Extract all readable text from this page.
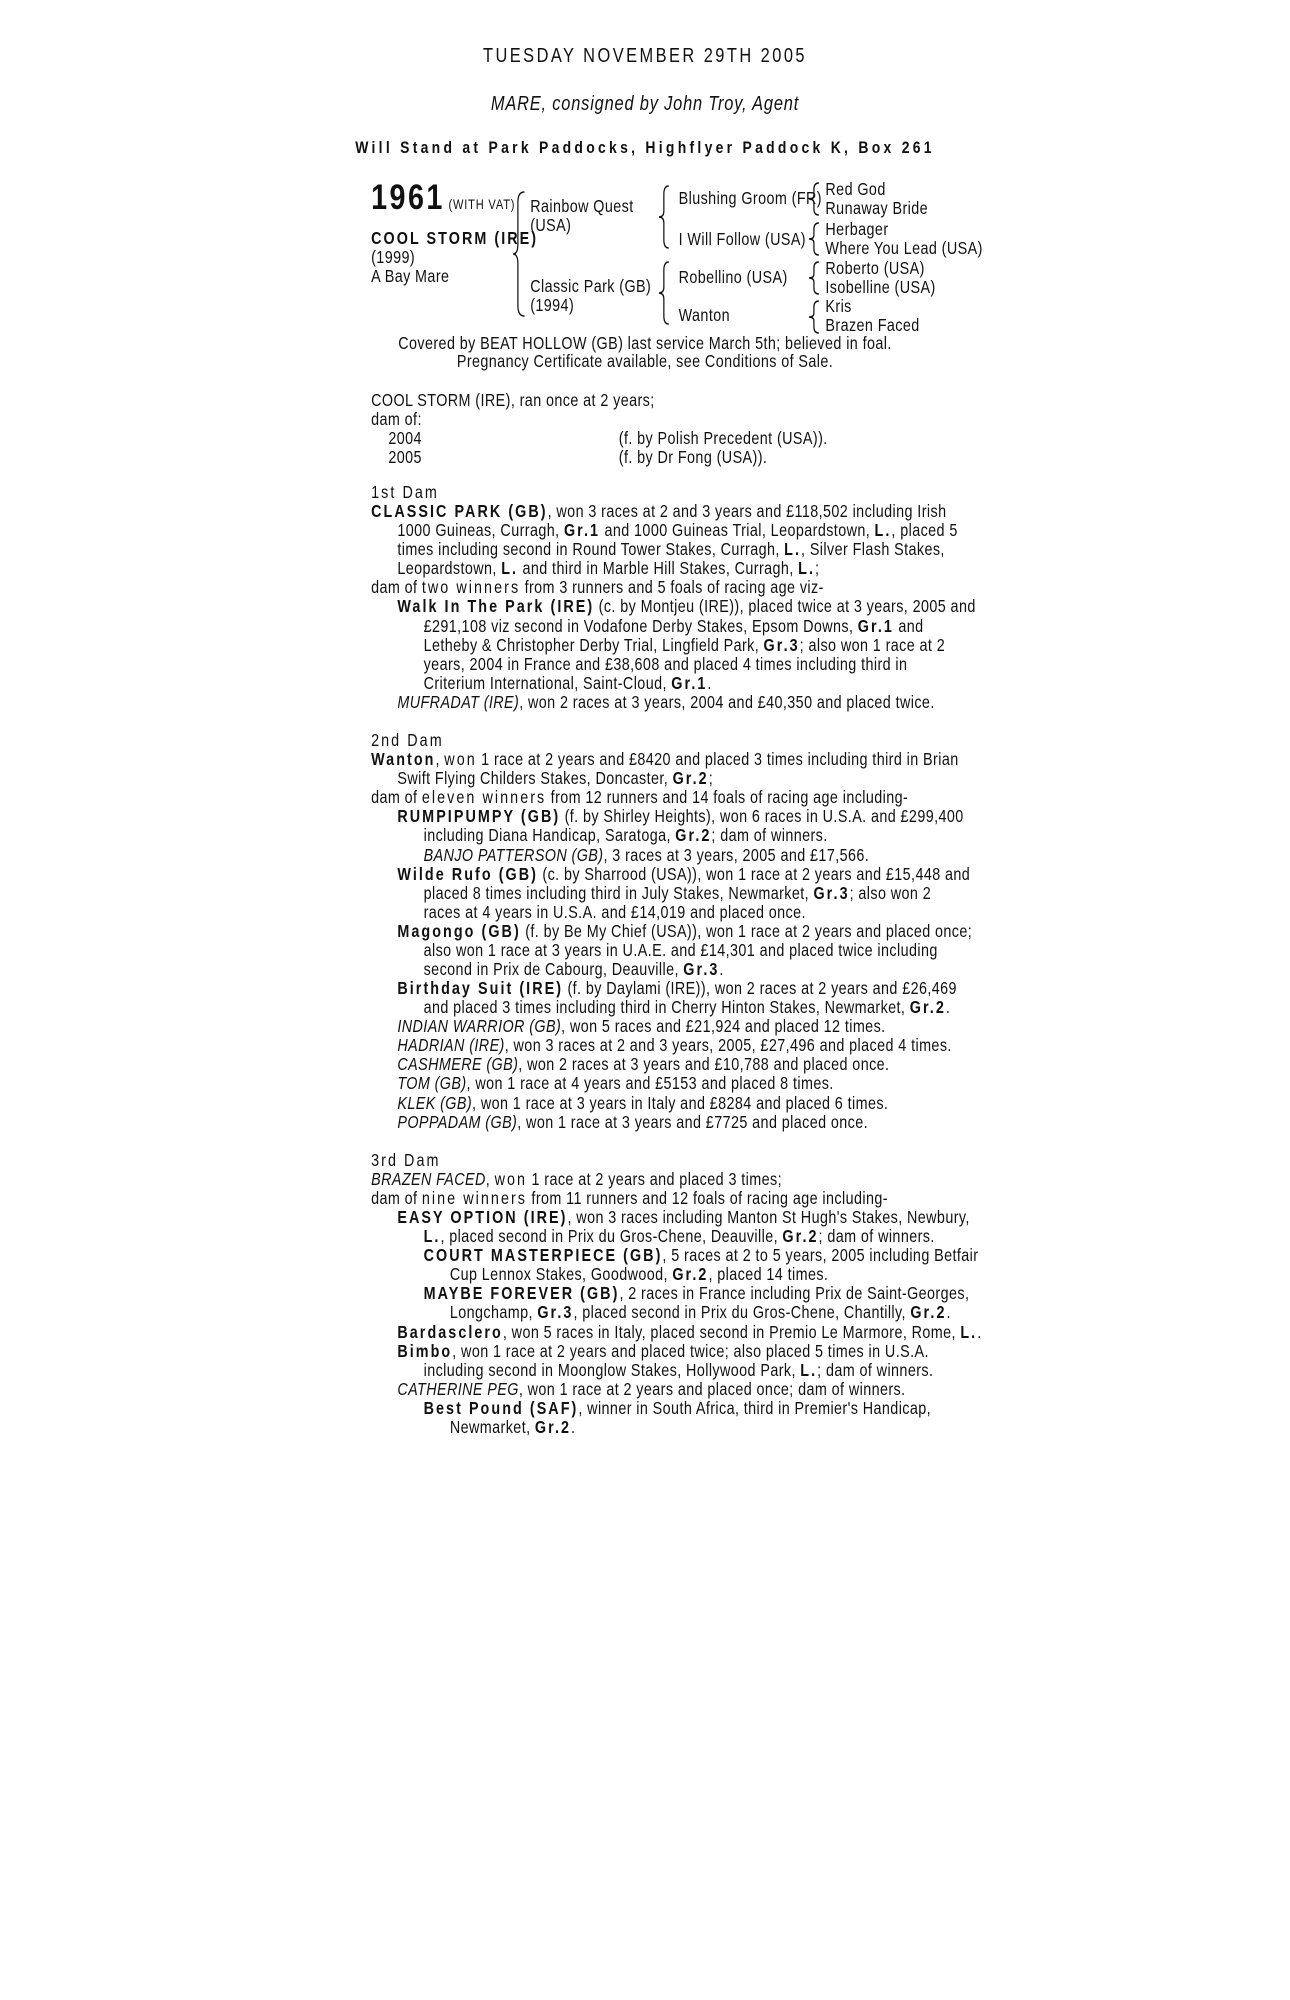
TUESDAY NOVEMBER 29TH 2005
MARE, consigned by John Troy, Agent
Will Stand at Park Paddocks, Highflyer Paddock K, Box 261
1961 (WITH VAT)
COOL STORM (IRE)
(1999)
A Bay Mare
Rainbow Quest
(USA)
Classic Park (GB)
(1994)
Blushing Groom (FR)
I Will Follow (USA)
Robellino (USA)
Wanton
Red God
Runaway Bride
Herbager
Where You Lead (USA)
Roberto (USA)
Isobelline (USA)
Kris
Brazen Faced
Covered by BEAT HOLLOW (GB) last service March 5th; believed in foal.
Pregnancy Certificate available, see Conditions of Sale.
COOL STORM (IRE), ran once at 2 years;
dam of:
2004	(f. by Polish Precedent (USA)).
2005	(f. by Dr Fong (USA)).
1st Dam
CLASSIC PARK (GB), won 3 races at 2 and 3 years and £118,502 including Irish
1000 Guineas, Curragh, Gr.1 and 1000 Guineas Trial, Leopardstown, L., placed 5
times including second in Round Tower Stakes, Curragh, L., Silver Flash Stakes,
Leopardstown, L. and third in Marble Hill Stakes, Curragh, L.;
dam of two winners from 3 runners and 5 foals of racing age viz-
Walk In The Park (IRE) (c. by Montjeu (IRE)), placed twice at 3 years, 2005 and
£291,108 viz second in Vodafone Derby Stakes, Epsom Downs, Gr.1 and
Letheby & Christopher Derby Trial, Lingfield Park, Gr.3; also won 1 race at 2
years, 2004 in France and £38,608 and placed 4 times including third in
Criterium International, Saint-Cloud, Gr.1.
MUFRADAT (IRE), won 2 races at 3 years, 2004 and £40,350 and placed twice.
2nd Dam
Wanton, won 1 race at 2 years and £8420 and placed 3 times including third in Brian
Swift Flying Childers Stakes, Doncaster, Gr.2;
dam of eleven winners from 12 runners and 14 foals of racing age including-
RUMPIPUMPY (GB) (f. by Shirley Heights), won 6 races in U.S.A. and £299,400
including Diana Handicap, Saratoga, Gr.2; dam of winners.
BANJO PATTERSON (GB), 3 races at 3 years, 2005 and £17,566.
Wilde Rufo (GB) (c. by Sharrood (USA)), won 1 race at 2 years and £15,448 and
placed 8 times including third in July Stakes, Newmarket, Gr.3; also won 2
races at 4 years in U.S.A. and £14,019 and placed once.
Magongo (GB) (f. by Be My Chief (USA)), won 1 race at 2 years and placed once;
also won 1 race at 3 years in U.A.E. and £14,301 and placed twice including
second in Prix de Cabourg, Deauville, Gr.3.
Birthday Suit (IRE) (f. by Daylami (IRE)), won 2 races at 2 years and £26,469
and placed 3 times including third in Cherry Hinton Stakes, Newmarket, Gr.2.
INDIAN WARRIOR (GB), won 5 races and £21,924 and placed 12 times.
HADRIAN (IRE), won 3 races at 2 and 3 years, 2005, £27,496 and placed 4 times.
CASHMERE (GB), won 2 races at 3 years and £10,788 and placed once.
TOM (GB), won 1 race at 4 years and £5153 and placed 8 times.
KLEK (GB), won 1 race at 3 years in Italy and £8284 and placed 6 times.
POPPADAM (GB), won 1 race at 3 years and £7725 and placed once.
3rd Dam
BRAZEN FACED, won 1 race at 2 years and placed 3 times;
dam of nine winners from 11 runners and 12 foals of racing age including-
EASY OPTION (IRE), won 3 races including Manton St Hugh's Stakes, Newbury,
L., placed second in Prix du Gros-Chene, Deauville, Gr.2; dam of winners.
COURT MASTERPIECE (GB), 5 races at 2 to 5 years, 2005 including Betfair
Cup Lennox Stakes, Goodwood, Gr.2, placed 14 times.
MAYBE FOREVER (GB), 2 races in France including Prix de Saint-Georges,
Longchamp, Gr.3, placed second in Prix du Gros-Chene, Chantilly, Gr.2.
Bardasclero, won 5 races in Italy, placed second in Premio Le Marmore, Rome, L..
Bimbo, won 1 race at 2 years and placed twice; also placed 5 times in U.S.A.
including second in Moonglow Stakes, Hollywood Park, L.; dam of winners.
CATHERINE PEG, won 1 race at 2 years and placed once; dam of winners.
Best Pound (SAF), winner in South Africa, third in Premier's Handicap,
Newmarket, Gr.2.
